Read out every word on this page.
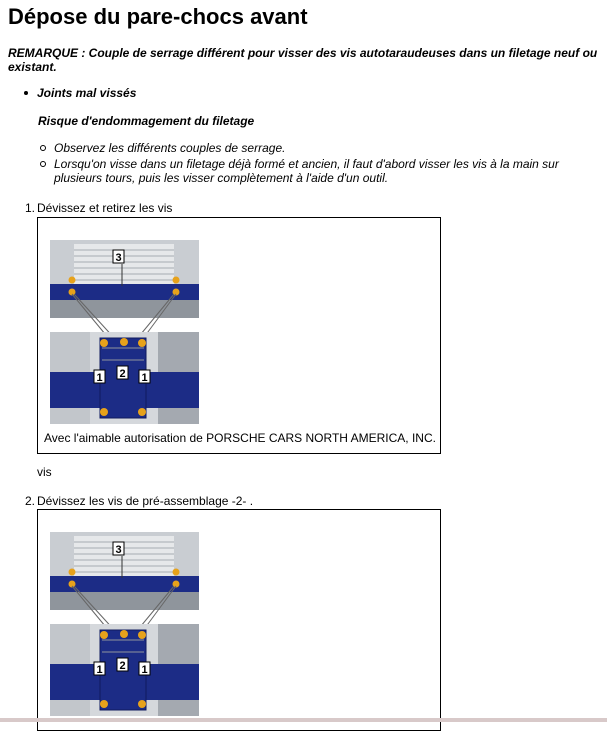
Dépose du pare-chocs avant
REMARQUE : Couple de serrage différent pour visser des vis autotaraudeuses dans un filetage neuf ou existant.
Joints mal vissés
Risque d'endommagement du filetage
Observez les différents couples de serrage.
Lorsqu'on visse dans un filetage déjà formé et ancien, il faut d'abord visser les vis à la main sur plusieurs tours, puis les visser complètement à l'aide d'un outil.
1. Dévissez et retirez les vis
3
1 2 1
Avec l'aimable autorisation de PORSCHE CARS NORTH AMERICA, INC.
vis
2. Dévissez les vis de pré-assemblage -2- .
3
1 2 1
